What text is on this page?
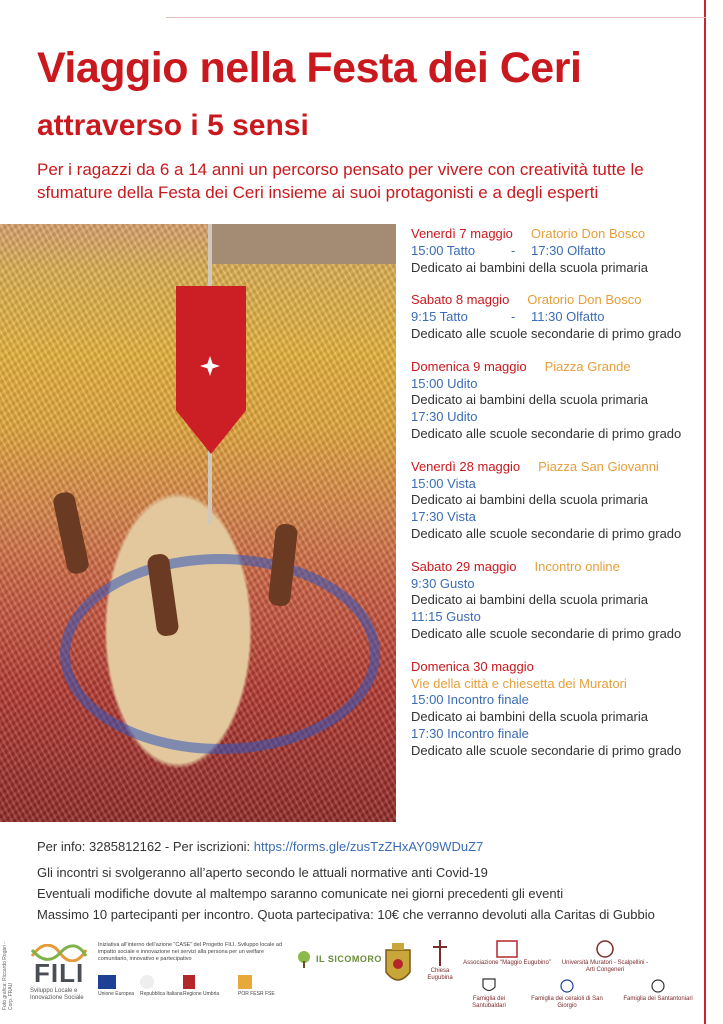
Viaggio nella Festa dei Ceri
attraverso i 5 sensi

Per i ragazzi da 6 a 14 anni un percorso pensato per vivere con creatività tutte le sfumature della Festa dei Ceri insieme ai suoi protagonisti e a degli esperti

Venerdì 7 maggio Oratorio Don Bosco
15:00 Tatto	-	17:30 Olfatto
Dedicato ai bambini della scuola primaria
Sabato 8 maggio Oratorio Don Bosco
9:15 Tatto	-	11:30 Olfatto
Dedicato alle scuole secondarie di primo grado
Domenica 9 maggio Piazza Grande
15:00 Udito
Dedicato ai bambini della scuola primaria
17:30 Udito
Dedicato alle scuole secondarie di primo grado
Venerdì 28 maggio Piazza San Giovanni
15:00 Vista
Dedicato ai bambini della scuola primaria
17:30 Vista
Dedicato alle scuole secondarie di primo grado
Sabato 29 maggio Incontro online
9:30 Gusto
Dedicato ai bambini della scuola primaria
11:15 Gusto
Dedicato alle scuole secondarie di primo grado
Domenica 30 maggio
Vie della città e chiesetta dei Muratori
15:00 Incontro finale
Dedicato ai bambini della scuola primaria
17:30 Incontro finale
Dedicato alle scuole secondarie di primo grado
Per info: 3285812162 - Per iscrizioni: https://forms.gle/zusTzZHxAY09WDuZ7
Gli incontri si svolgeranno all’aperto secondo le attuali normative anti Covid-19
Eventuali modifiche dovute al maltempo saranno comunicate nei giorni precedenti gli eventi
Massimo 10 partecipanti per incontro. Quota partecipativa: 10€ che verranno devoluti alla Caritas di Gubbio
Foto grafica: Riccardo Rogari - Corp. FRAU
FILI
Sviluppo Locale e Innovazione Sociale
Iniziativa all’interno dell’azione “CASE” del Progetto FILI. Sviluppo locale ad impatto sociale e innovazione nei servizi alla persona per un welfare comunitario, innovativo e partecipativo
Unione Europea Repubblica Italiana Regione Umbria	POR FESR FSE
IL SICOMORO
Chiesa Eugubina
Associazione “Maggio Eugubino”	Università Muratori - Scalpellini - Arti Congeneri
Famiglia dei Santubaldari
Famiglia dei ceraioli di San Giorgio
Famiglia dei Santantoniari
